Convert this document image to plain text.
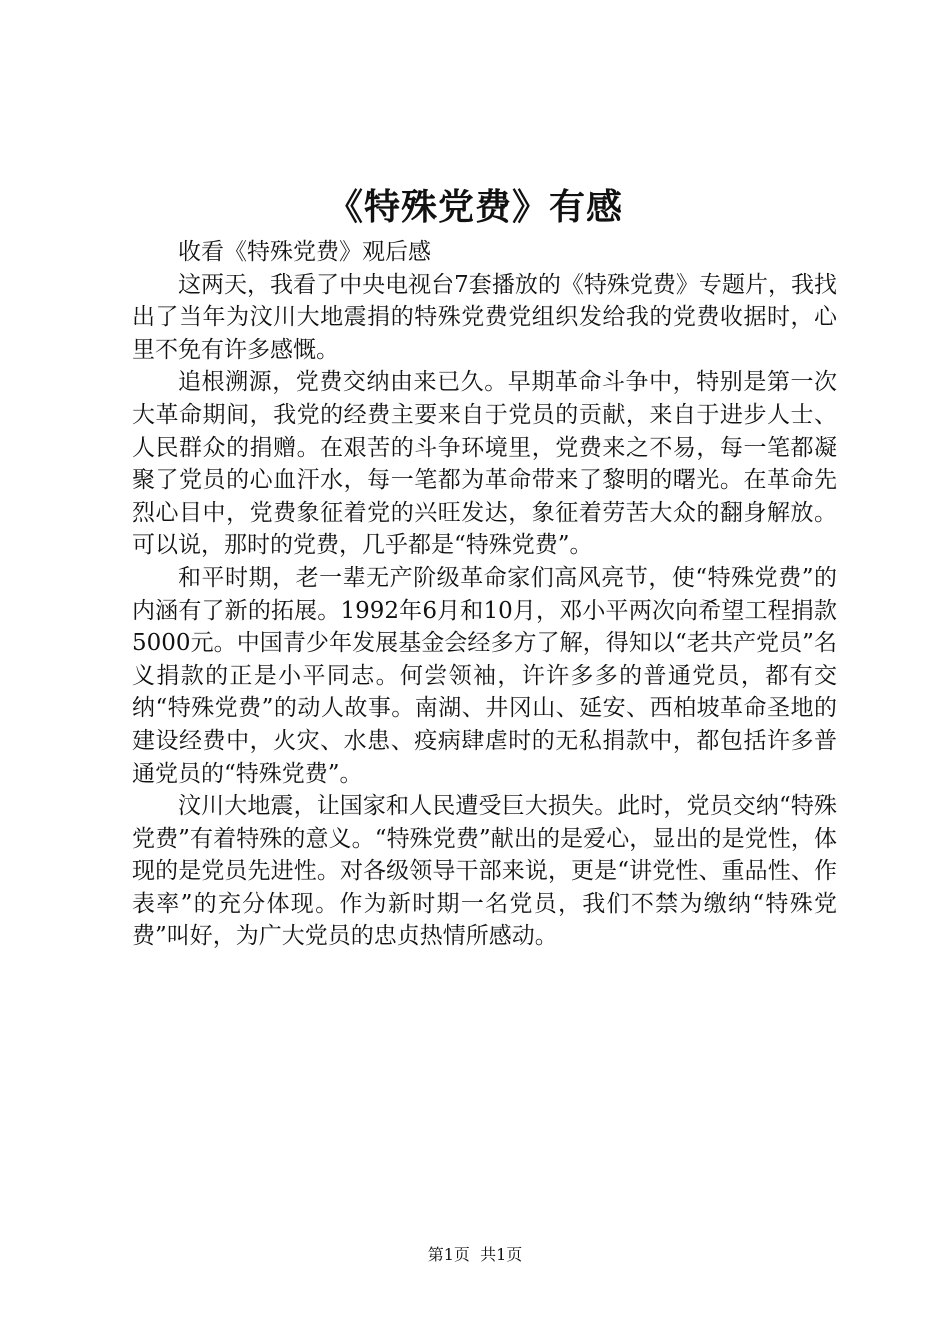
《特殊党费》有感

收看《特殊党费》观后感

这两天，我看了中央电视台7套播放的《特殊党费》专题片，我找出了当年为汶川大地震捐的特殊党费党组织发给我的党费收据时，心里不免有许多感慨。

追根溯源，党费交纳由来已久。早期革命斗争中，特别是第一次大革命期间，我党的经费主要来自于党员的贡献，来自于进步人士、人民群众的捐赠。在艰苦的斗争环境里，党费来之不易，每一笔都凝聚了党员的心血汗水，每一笔都为革命带来了黎明的曙光。在革命先烈心目中，党费象征着党的兴旺发达，象征着劳苦大众的翻身解放。可以说，那时的党费，几乎都是“特殊党费”。

和平时期，老一辈无产阶级革命家们高风亮节，使“特殊党费”的内涵有了新的拓展。1992年6月和10月，邓小平两次向希望工程捐款5000元。中国青少年发展基金会经多方了解，得知以“老共产党员”名义捐款的正是小平同志。何尝领袖，许许多多的普通党员，都有交纳“特殊党费”的动人故事。南湖、井冈山、延安、西柏坡革命圣地的建设经费中，火灾、水患、疫病肆虐时的无私捐款中，都包括许多普通党员的“特殊党费”。

汶川大地震，让国家和人民遭受巨大损失。此时，党员交纳“特殊党费”有着特殊的意义。“特殊党费”献出的是爱心，显出的是党性，体现的是党员先进性。对各级领导干部来说，更是“讲党性、重品性、作表率”的充分体现。作为新时期一名党员，我们不禁为缴纳“特殊党费”叫好，为广大党员的忠贞热情所感动。

第1页 共1页
